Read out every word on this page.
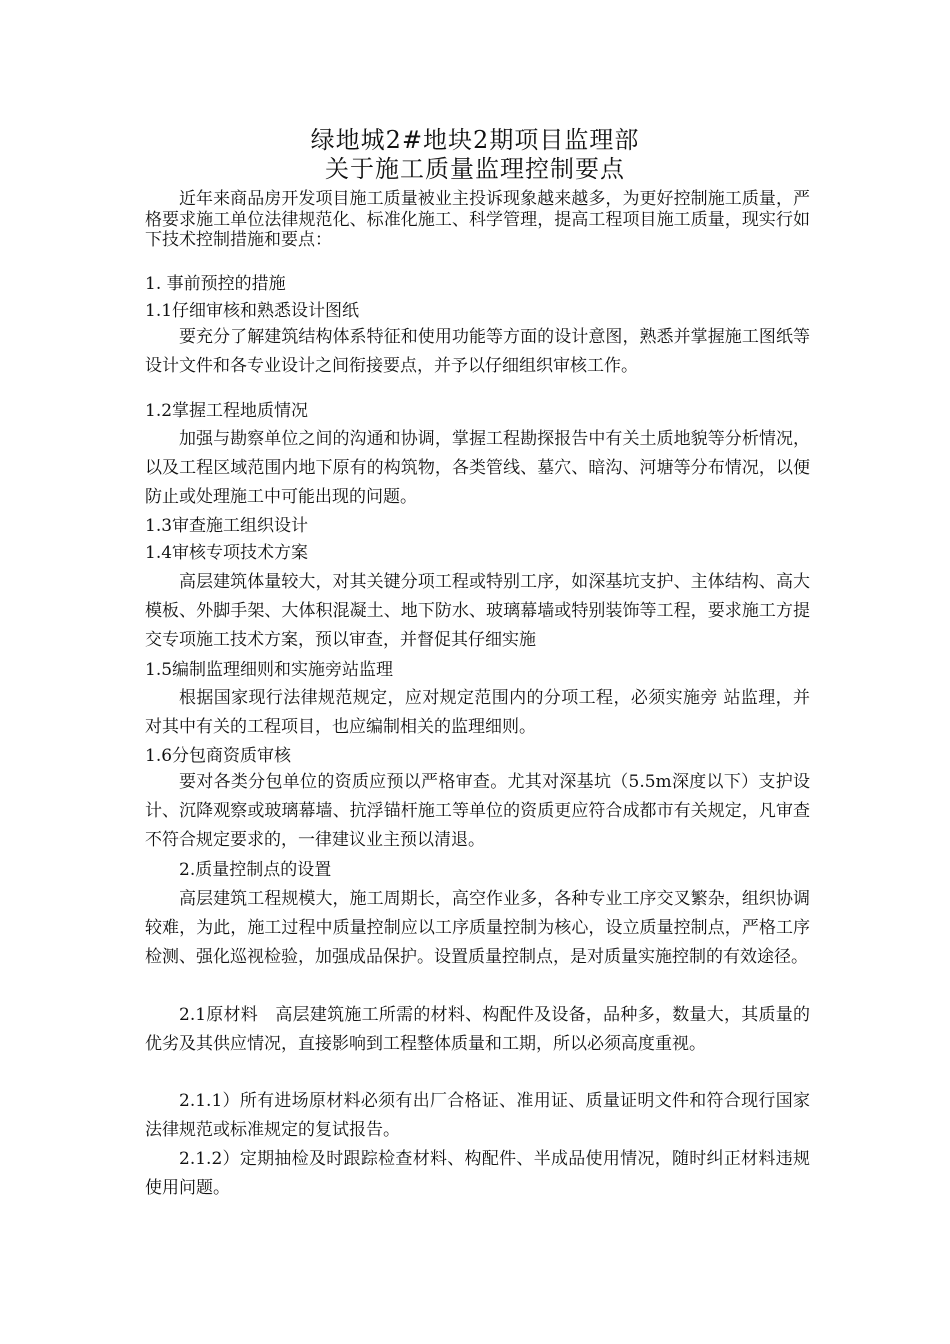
绿地城2#地块2期项目监理部
关于施工质量监理控制要点

近年来商品房开发项目施工质量被业主投诉现象越来越多，为更好控制施工质量，严格要求施工单位法律规范化、标准化施工、科学管理，提高工程项目施工质量，现实行如下技术控制措施和要点：

1. 事前预控的措施
1.1仔细审核和熟悉设计图纸

要充分了解建筑结构体系特征和使用功能等方面的设计意图，熟悉并掌握施工图纸等设计文件和各专业设计之间衔接要点，并予以仔细组织审核工作。

1.2掌握工程地质情况

加强与勘察单位之间的沟通和协调，掌握工程勘探报告中有关土质地貌等分析情况，以及工程区域范围内地下原有的构筑物，各类管线、墓穴、暗沟、河塘等分布情况，以便防止或处理施工中可能出现的问题。

1.3审查施工组织设计
1.4审核专项技术方案

高层建筑体量较大，对其关键分项工程或特别工序，如深基坑支护、主体结构、高大模板、外脚手架、大体积混凝土、地下防水、玻璃幕墙或特别装饰等工程，要求施工方提交专项施工技术方案，预以审查，并督促其仔细实施

1.5编制监理细则和实施旁站监理

根据国家现行法律规范规定，应对规定范围内的分项工程，必须实施旁 站监理，并对其中有关的工程项目，也应编制相关的监理细则。

1.6分包商资质审核

要对各类分包单位的资质应预以严格审查。尤其对深基坑（5.5m深度以下）支护设计、沉降观察或玻璃幕墙、抗浮锚杆施工等单位的资质更应符合成都市有关规定，凡审查不符合规定要求的，一律建议业主预以清退。

2.质量控制点的设置

高层建筑工程规模大，施工周期长，高空作业多，各种专业工序交叉繁杂，组织协调较难，为此，施工过程中质量控制应以工序质量控制为核心，设立质量控制点，严格工序检测、强化巡视检验，加强成品保护。设置质量控制点，是对质量实施控制的有效途径。

2.1原材料　高层建筑施工所需的材料、构配件及设备，品种多，数量大，其质量的优劣及其供应情况，直接影响到工程整体质量和工期，所以必须高度重视。

2.1.1）所有进场原材料必须有出厂合格证、准用证、质量证明文件和符合现行国家法律规范或标准规定的复试报告。

2.1.2）定期抽检及时跟踪检查材料、构配件、半成品使用情况，随时纠正材料违规使用问题。
